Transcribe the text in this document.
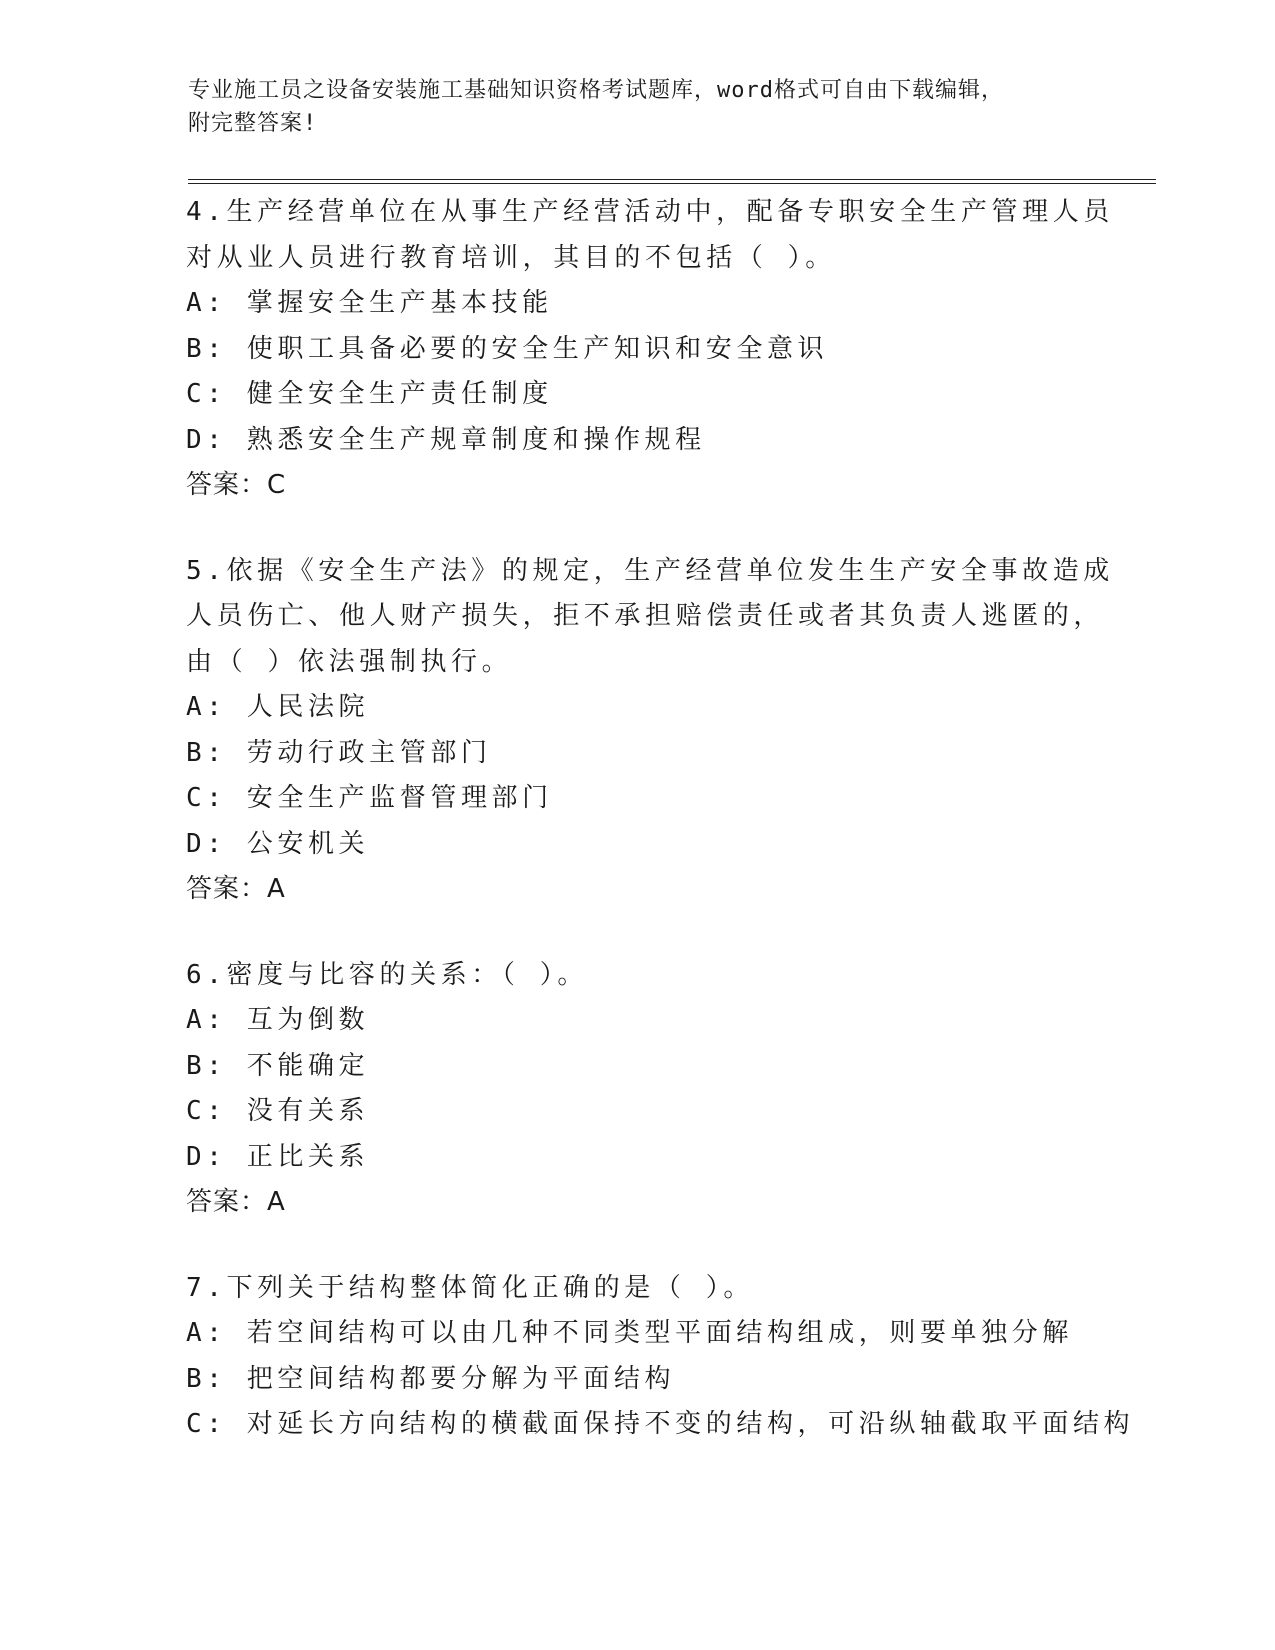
专业施工员之设备安装施工基础知识资格考试题库，word格式可自由下载编辑，
附完整答案!
4.生产经营单位在从事生产经营活动中，配备专职安全生产管理人员
对从业人员进行教育培训，其目的不包括（ ）。
A: 掌握安全生产基本技能
B: 使职工具备必要的安全生产知识和安全意识
C: 健全安全生产责任制度
D: 熟悉安全生产规章制度和操作规程
答案：C
5.依据《安全生产法》的规定，生产经营单位发生生产安全事故造成
人员伤亡、他人财产损失，拒不承担赔偿责任或者其负责人逃匿的，
由（ ）依法强制执行。
A: 人民法院
B: 劳动行政主管部门
C: 安全生产监督管理部门
D: 公安机关
答案：A
6.密度与比容的关系：（ ）。
A: 互为倒数
B: 不能确定
C: 没有关系
D: 正比关系
答案：A
7.下列关于结构整体简化正确的是（ ）。
A: 若空间结构可以由几种不同类型平面结构组成，则要单独分解
B: 把空间结构都要分解为平面结构
C: 对延长方向结构的横截面保持不变的结构，可沿纵轴截取平面结构
